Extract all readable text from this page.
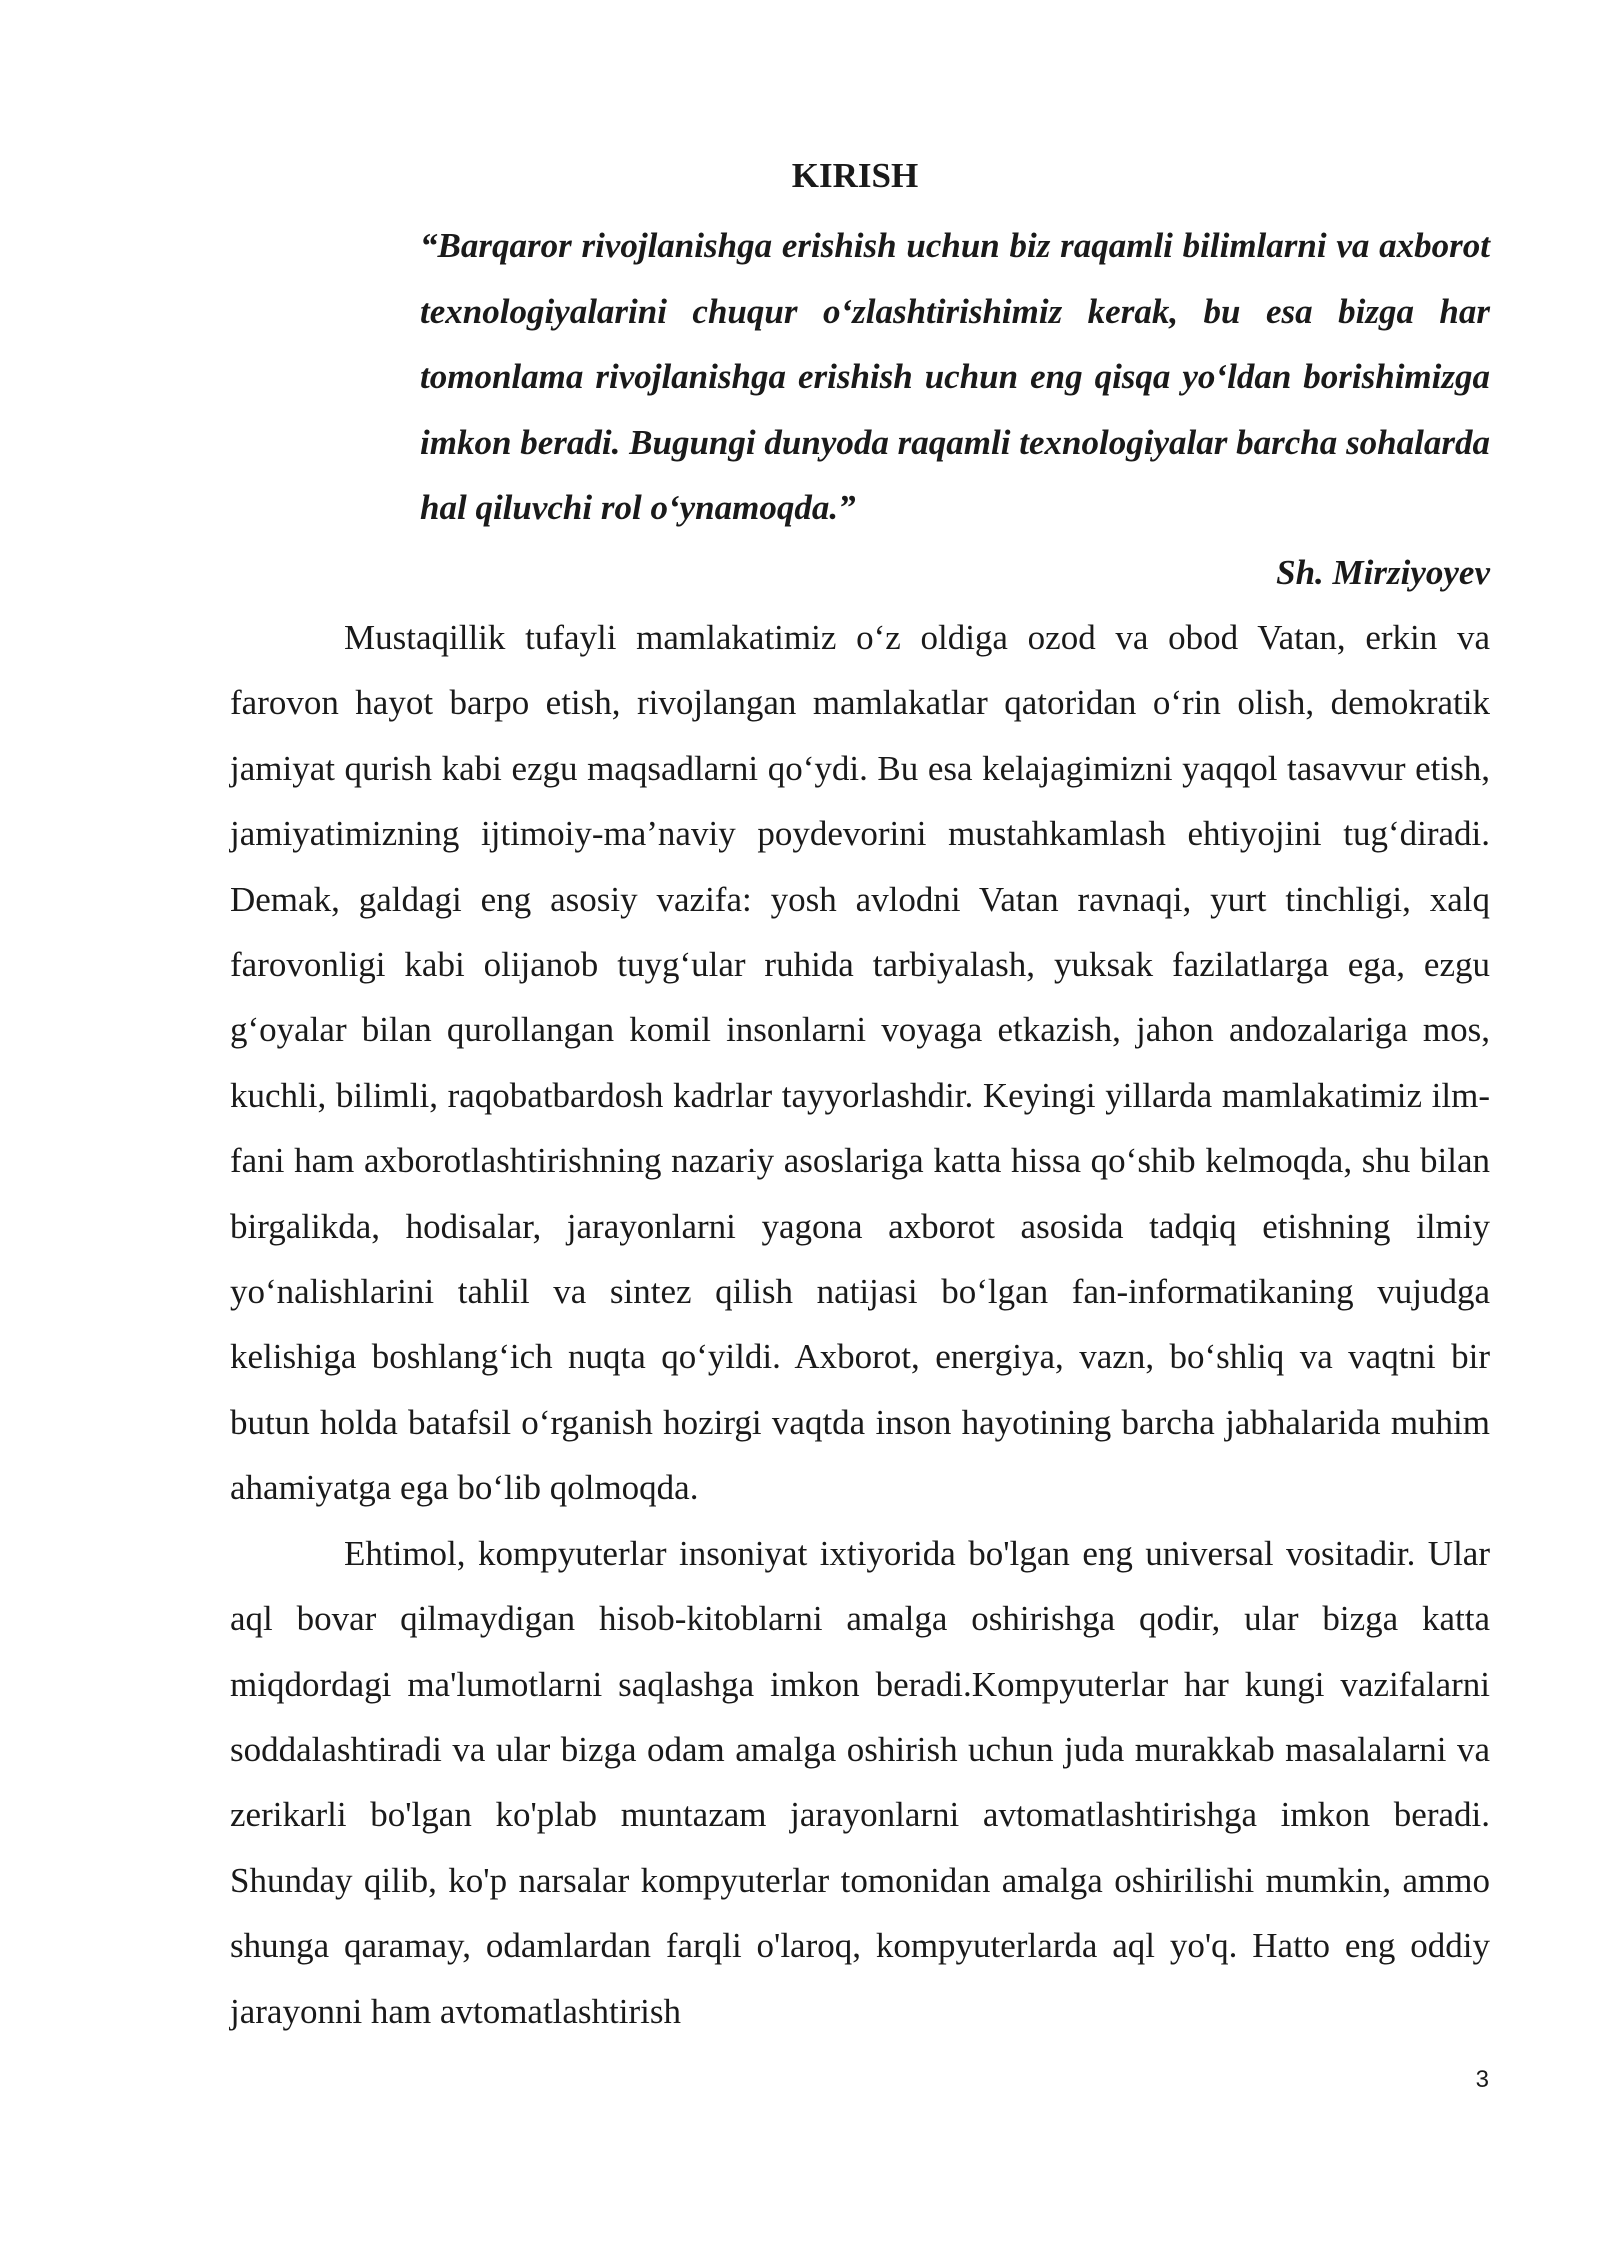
KIRISH

“Barqaror rivojlanishga erishish uchun biz raqamli bilimlarni va axborot texnologiyalarini chuqur o‘zlashtirishimiz kerak, bu esa bizga har tomonlama rivojlanishga erishish uchun eng qisqa yo‘ldan borishimizga imkon beradi. Bugungi dunyoda raqamli texnologiyalar barcha sohalarda hal qiluvchi rol o‘ynamoqda.”

Sh. Mirziyoyev

Mustaqillik tufayli mamlakatimiz o‘z oldiga ozod va obod Vatan, erkin va farovon hayot barpo etish, rivojlangan mamlakatlar qatoridan o‘rin olish, demokratik jamiyat qurish kabi ezgu maqsadlarni qo‘ydi. Bu esa kelajagimizni yaqqol tasavvur etish, jamiyatimizning ijtimoiy-ma’naviy poydevorini mustahkamlash ehtiyojini tug‘diradi. Demak, galdagi eng asosiy vazifa: yosh avlodni Vatan ravnaqi, yurt tinchligi, xalq farovonligi kabi olijanob tuyg‘ular ruhida tarbiyalash, yuksak fazilatlarga ega, ezgu g‘oyalar bilan qurollangan komil insonlarni voyaga etkazish, jahon andozalariga mos, kuchli, bilimli, raqobatbardosh kadrlar tayyorlashdir. Keyingi yillarda mamlakatimiz ilm-fani ham axborotlashtirishning nazariy asoslariga katta hissa qo‘shib kelmoqda, shu bilan birgalikda, hodisalar, jarayonlarni yagona axborot asosida tadqiq etishning ilmiy yo‘nalishlarini tahlil va sintez qilish natijasi bo‘lgan fan-informatikaning vujudga kelishiga boshlang‘ich nuqta qo‘yildi. Axborot, energiya, vazn, bo‘shliq va vaqtni bir butun holda batafsil o‘rganish hozirgi vaqtda inson hayotining barcha jabhalarida muhim ahamiyatga ega bo‘lib qolmoqda.

Ehtimol, kompyuterlar insoniyat ixtiyorida bo'lgan eng universal vositadir. Ular aql bovar qilmaydigan hisob-kitoblarni amalga oshirishga qodir, ular bizga katta miqdordagi ma'lumotlarni saqlashga imkon beradi.Kompyuterlar har kungi vazifalarni soddalashtiradi va ular bizga odam amalga oshirish uchun juda murakkab masalalarni va zerikarli bo'lgan ko'plab muntazam jarayonlarni avtomatlashtirishga imkon beradi. Shunday qilib, ko'p narsalar kompyuterlar tomonidan amalga oshirilishi mumkin, ammo shunga qaramay, odamlardan farqli o'laroq, kompyuterlarda aql yo'q. Hatto eng oddiy jarayonni ham avtomatlashtirish

3
